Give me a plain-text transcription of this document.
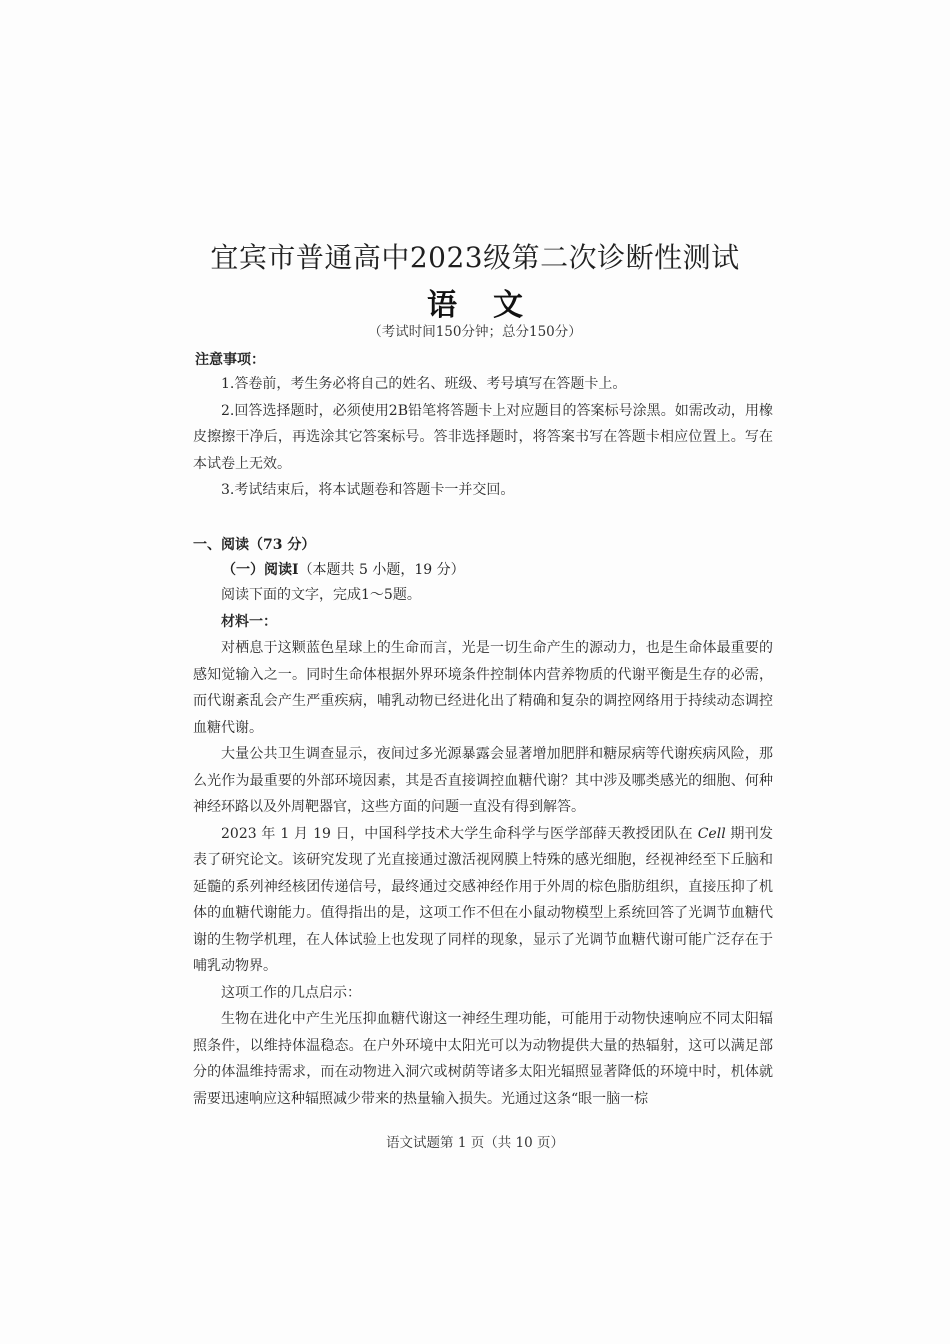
宜宾市普通高中2023级第二次诊断性测试
语文
（考试时间150分钟；总分150分）
注意事项：

1.答卷前，考生务必将自己的姓名、班级、考号填写在答题卡上。

2.回答选择题时，必须使用2B铅笔将答题卡上对应题目的答案标号涂黑。如需改动，用橡皮擦擦干净后，再选涂其它答案标号。答非选择题时，将答案书写在答题卡相应位置上。写在本试卷上无效。

3.考试结束后，将本试题卷和答题卡一并交回。

一、阅读（73 分）
（一）阅读Ⅰ（本题共 5 小题，19 分）

阅读下面的文字，完成1～5题。

材料一：

对栖息于这颗蓝色星球上的生命而言，光是一切生命产生的源动力，也是生命体最重要的感知觉输入之一。同时生命体根据外界环境条件控制体内营养物质的代谢平衡是生存的必需，而代谢紊乱会产生严重疾病，哺乳动物已经进化出了精确和复杂的调控网络用于持续动态调控血糖代谢。

大量公共卫生调查显示，夜间过多光源暴露会显著增加肥胖和糖尿病等代谢疾病风险，那么光作为最重要的外部环境因素，其是否直接调控血糖代谢？其中涉及哪类感光的细胞、何种神经环路以及外周靶器官，这些方面的问题一直没有得到解答。

2023 年 1 月 19 日，中国科学技术大学生命科学与医学部薛天教授团队在 Cell 期刊发表了研究论文。该研究发现了光直接通过激活视网膜上特殊的感光细胞，经视神经至下丘脑和延髓的系列神经核团传递信号，最终通过交感神经作用于外周的棕色脂肪组织，直接压抑了机体的血糖代谢能力。值得指出的是，这项工作不但在小鼠动物模型上系统回答了光调节血糖代谢的生物学机理，在人体试验上也发现了同样的现象，显示了光调节血糖代谢可能广泛存在于哺乳动物界。

这项工作的几点启示：

生物在进化中产生光压抑血糖代谢这一神经生理功能，可能用于动物快速响应不同太阳辐照条件，以维持体温稳态。在户外环境中太阳光可以为动物提供大量的热辐射，这可以满足部分的体温维持需求，而在动物进入洞穴或树荫等诸多太阳光辐照显著降低的环境中时，机体就需要迅速响应这种辐照减少带来的热量输入损失。光通过这条“眼一脑一棕

语文试题第 1 页（共 10 页）
